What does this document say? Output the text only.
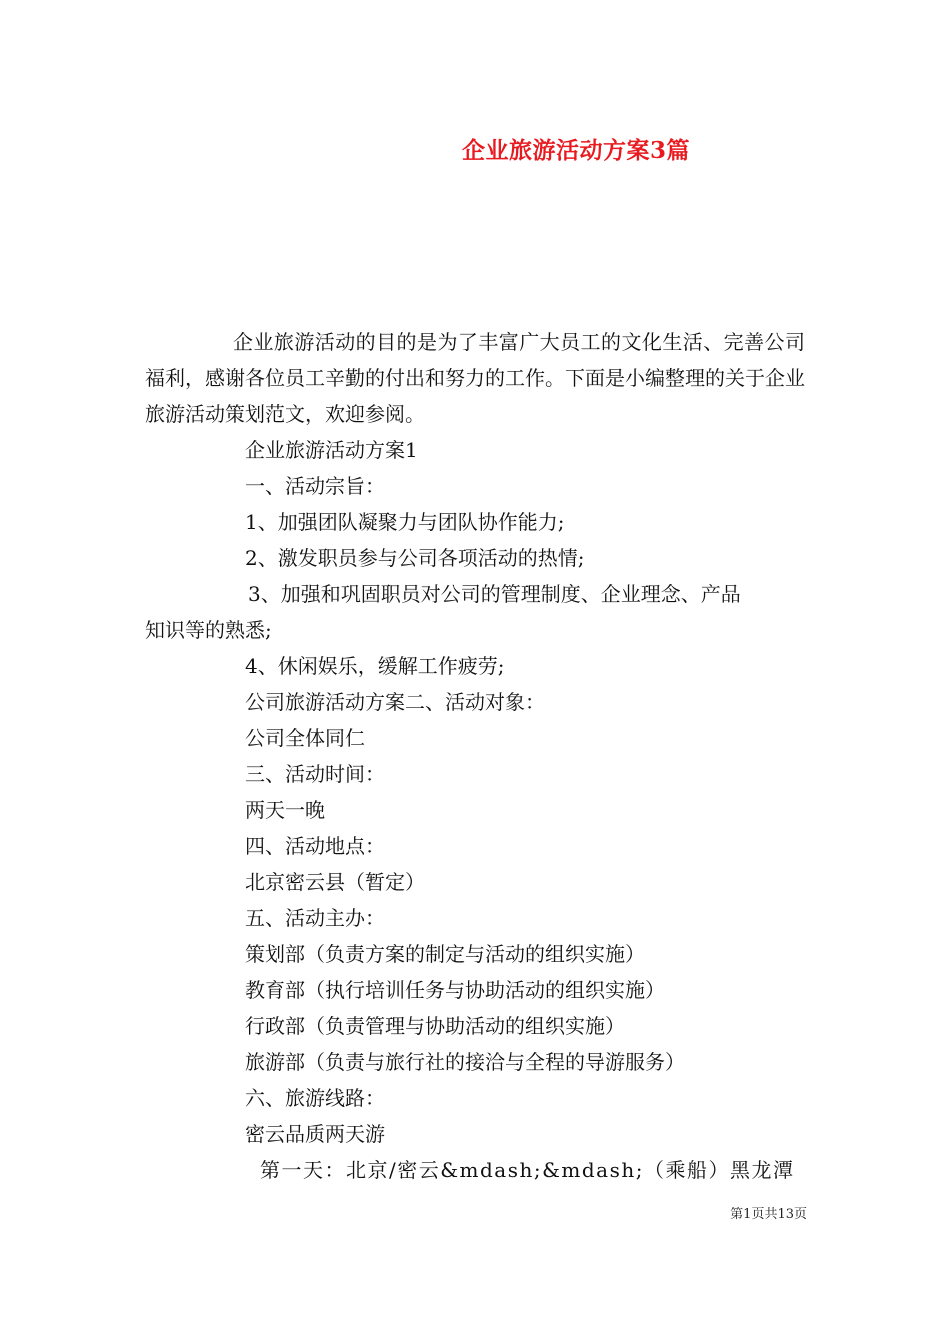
企业旅游活动方案3篇

企业旅游活动的目的是为了丰富广大员工的文化生活、完善公司福利，感谢各位员工辛勤的付出和努力的工作。下面是小编整理的关于企业旅游活动策划范文，欢迎参阅。

企业旅游活动方案1

一、活动宗旨：

1、加强团队凝聚力与团队协作能力;

2、激发职员参与公司各项活动的热情;

3、加强和巩固职员对公司的管理制度、企业理念、产品

知识等的熟悉;

4、休闲娱乐，缓解工作疲劳;

公司旅游活动方案二、活动对象：

公司全体同仁

三、活动时间：

两天一晚

四、活动地点：

北京密云县（暂定）

五、活动主办：

策划部（负责方案的制定与活动的组织实施）

教育部（执行培训任务与协助活动的组织实施）

行政部（负责管理与协助活动的组织实施）

旅游部（负责与旅行社的接洽与全程的导游服务）

六、旅游线路：

密云品质两天游

第一天：北京/密云&mdash;&mdash;（乘船）黑龙潭

第1页共13页
